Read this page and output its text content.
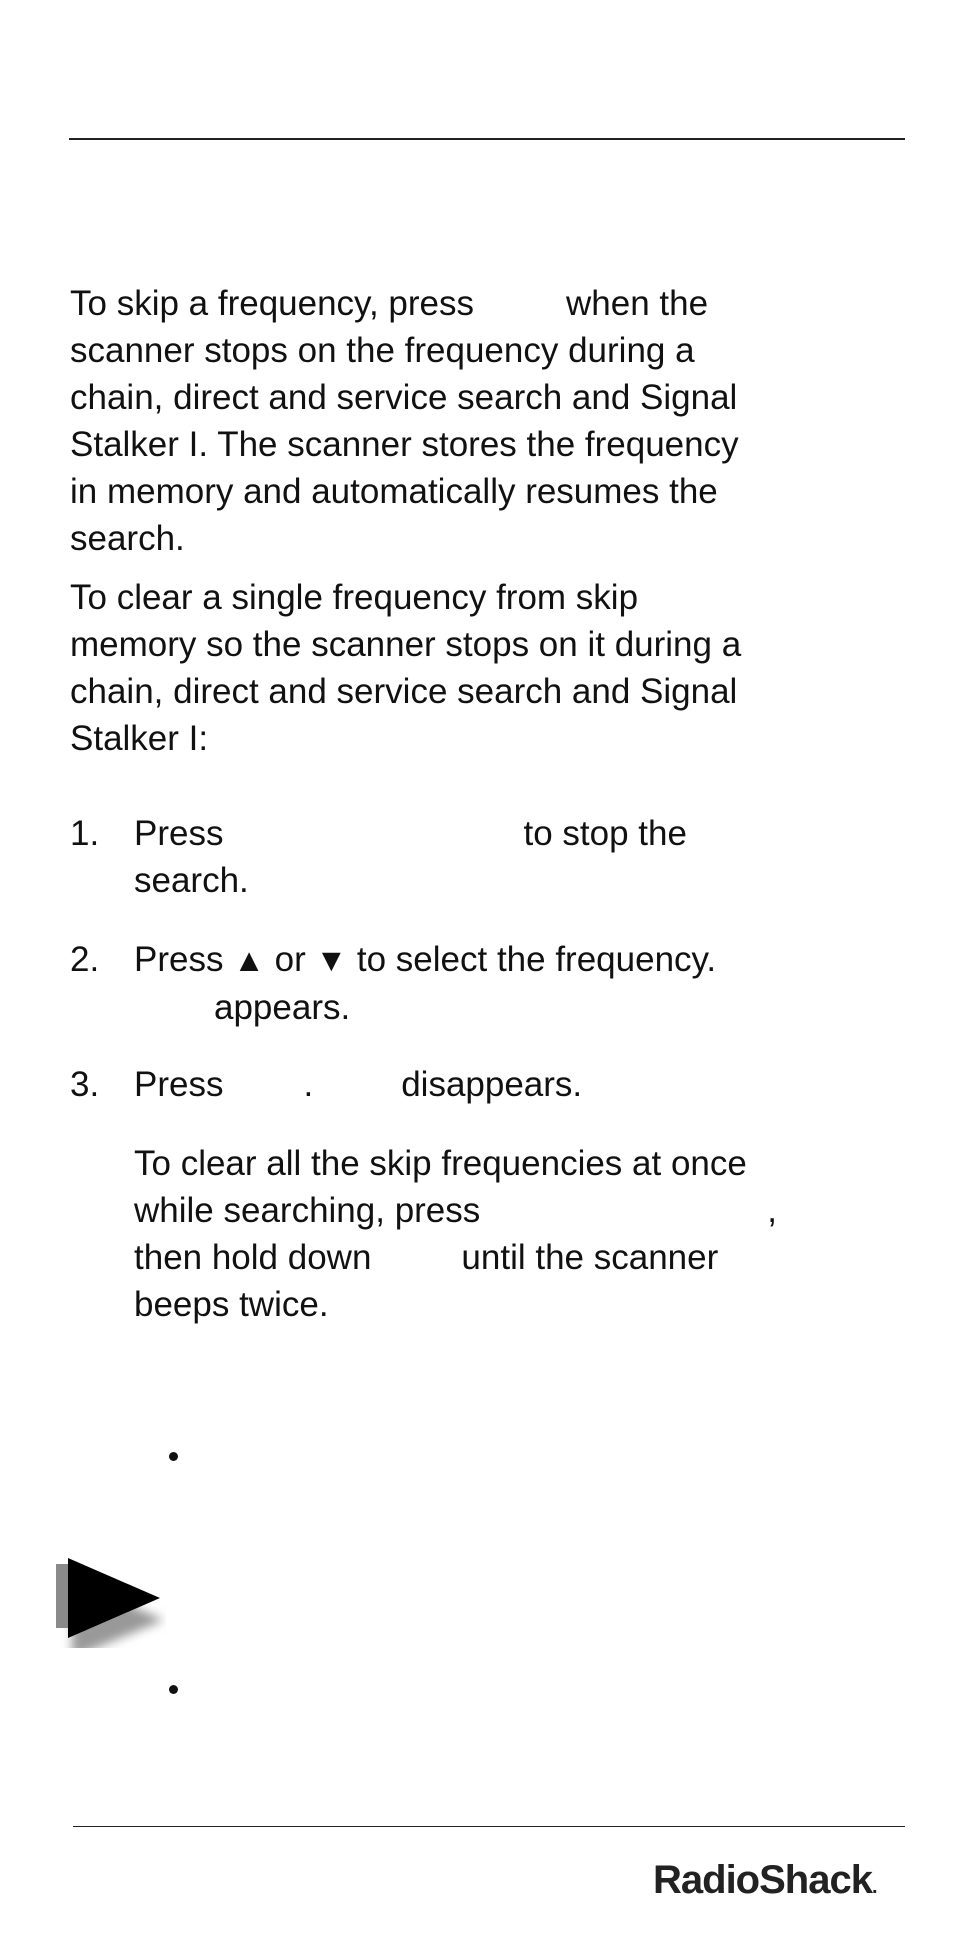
To skip a frequency, press	when the
scanner stops on the frequency during a
chain, direct and service search and Signal
Stalker I. The scanner stores the frequency
in memory and automatically resumes the
search.
To clear a single frequency from skip
memory so the scanner stops on it during a
chain, direct and service search and Signal
Stalker I:
1. Press	to stop the
search.
2. Press ▲ or ▼ to select the frequency.
appears.
3. Press .	disappears.
To clear all the skip frequencies at once
while searching, press	,
then hold down	until the scanner
beeps twice.
RadioShack.
